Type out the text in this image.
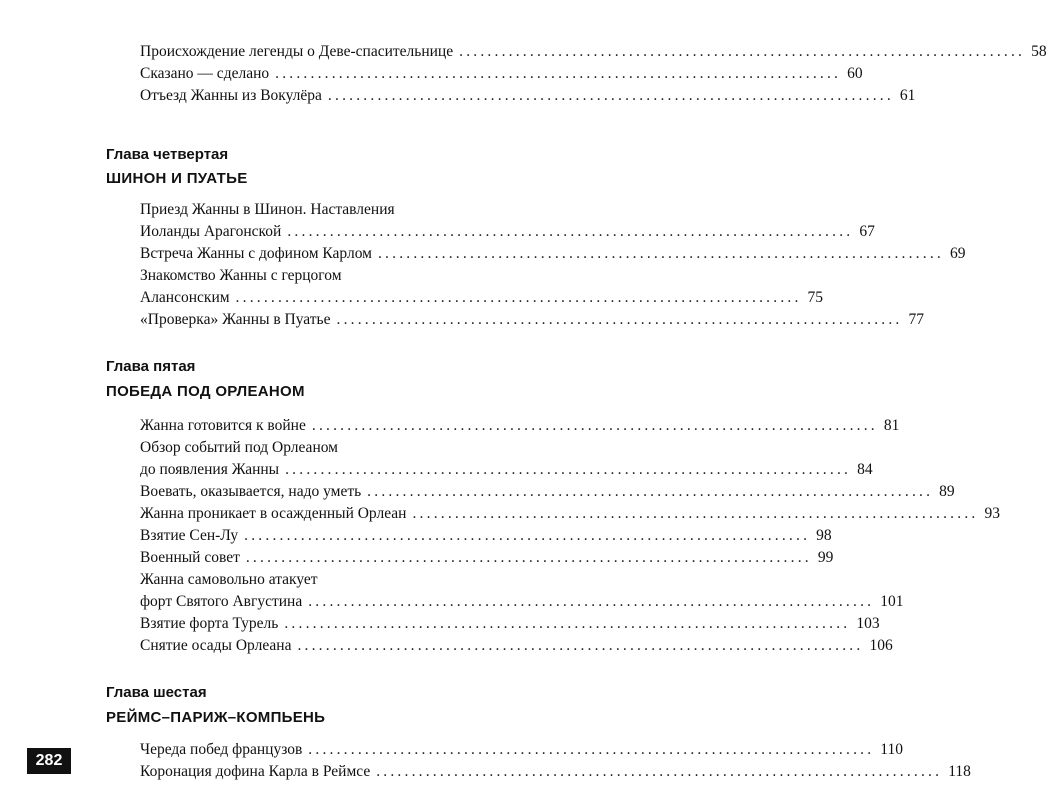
Происхождение легенды о Деве-спасительнице ................................................................................ 58
Сказано — сделано ................................................................................ 60
Отъезд Жанны из Вокулёра ................................................................................ 61
Глава четвертая
ШИНОН И ПУАТЬЕ
Приезд Жанны в Шинон. Наставления
Иоланды Арагонской ................................................................................ 67
Встреча Жанны с дофином Карлом ................................................................................ 69
Знакомство Жанны с герцогом
Алансонским ................................................................................ 75
«Проверка» Жанны в Пуатье ................................................................................ 77
Глава пятая
ПОБЕДА ПОД ОРЛЕАНОМ
Жанна готовится к войне ................................................................................ 81
Обзор событий под Орлеаном
до появления Жанны ................................................................................ 84
Воевать, оказывается, надо уметь ................................................................................ 89
Жанна проникает в осажденный Орлеан ................................................................................ 93
Взятие Сен-Лу ................................................................................ 98
Военный совет ................................................................................ 99
Жанна самовольно атакует
форт Святого Августина ................................................................................ 101
Взятие форта Турель ................................................................................ 103
Снятие осады Орлеана ................................................................................ 106
Глава шестая
РЕЙМС–ПАРИЖ–КОМПЬЕНЬ
Череда побед французов ................................................................................ 110
Коронация дофина Карла в Реймсе ................................................................................ 118
282
